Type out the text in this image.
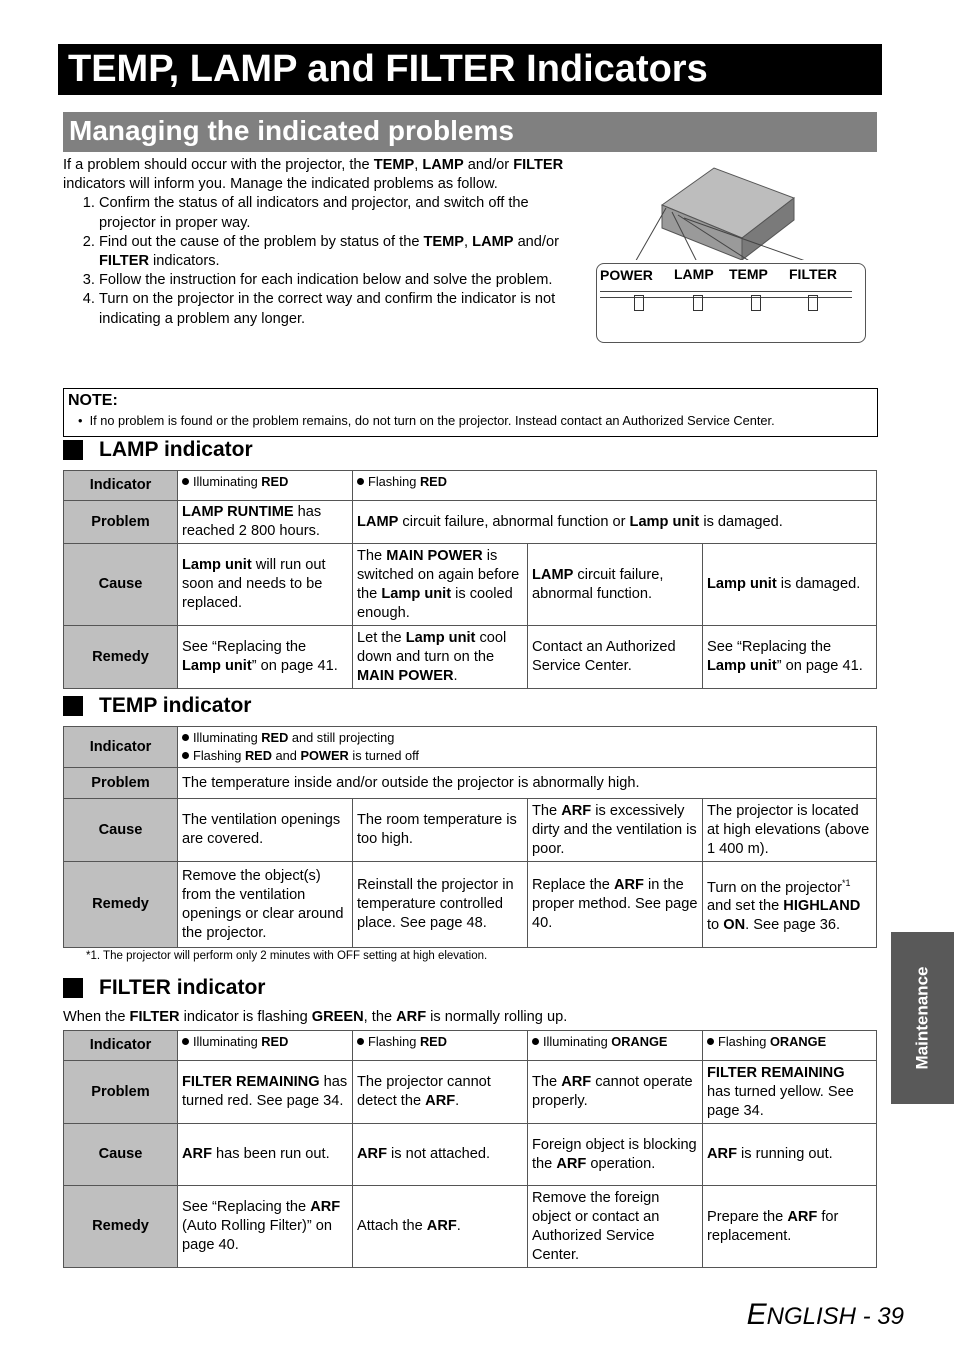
TEMP, LAMP and FILTER Indicators
Managing the indicated problems

If a problem should occur with the projector, the TEMP, LAMP and/or FILTER indicators will inform you. Manage the indicated problems as follow.

1. Confirm the status of all indicators and projector, and switch off the projector in proper way.
2. Find out the cause of the problem by status of the TEMP, LAMP and/or FILTER indicators.
3. Follow the instruction for each indication below and solve the problem.
4. Turn on the projector in the correct way and confirm the indicator is not indicating a problem any longer.
POWER LAMP TEMP FILTER
NOTE:
•  If no problem is found or the problem remains, do not turn on the projector. Instead contact an Authorized Service Center.
LAMP indicator
Indicator	Illuminating RED	Flashing RED		
Problem	LAMP RUNTIME has reached 2 800 hours.	LAMP circuit failure, abnormal function or Lamp unit is damaged.		
Cause	Lamp unit will run out soon and needs to be replaced.	The MAIN POWER is switched on again before the Lamp unit is cooled enough.	LAMP circuit failure, abnormal function.	Lamp unit is damaged.
Remedy	See “Replacing the Lamp unit” on page 41.	Let the Lamp unit cool down and turn on the MAIN POWER.	Contact an Authorized Service Center.	See “Replacing the Lamp unit” on page 41.
TEMP indicator
Indicator	Illuminating RED and still projecting
Flashing RED and POWER is turned off			

Problem	The temperature inside and/or outside the projector is abnormally high.			
Cause	The ventilation openings are covered.	The room temperature is too high.	The ARF is excessively dirty and the ventilation is poor.	The projector is located at high elevations (above 1 400 m).
Remedy	Remove the object(s) from the ventilation openings or clear around the projector.	Reinstall the projector in temperature controlled place. See page 48.	Replace the ARF in the proper method. See page 40.	Turn on the projector$^{*1}$ and set the HIGHLAND to ON. See page 36.
*1. The projector will perform only 2 minutes with OFF setting at high elevation.
FILTER indicator
When the FILTER indicator is flashing GREEN, the ARF is normally rolling up.
Indicator	Illuminating RED	Flashing RED	Illuminating ORANGE	Flashing ORANGE
Problem	FILTER REMAINING has turned red. See page 34.	The projector cannot detect the ARF.	The ARF cannot operate properly.	FILTER REMAINING has turned yellow. See page 34.
Cause	ARF has been run out.	ARF is not attached.	Foreign object is blocking the ARF operation.	ARF is running out.
Remedy	See “Replacing the ARF (Auto Rolling Filter)” on page 40.	Attach the ARF.	Remove the foreign object or contact an Authorized Service Center.	Prepare the ARF for replacement.
Maintenance
ENGLISH - 39
